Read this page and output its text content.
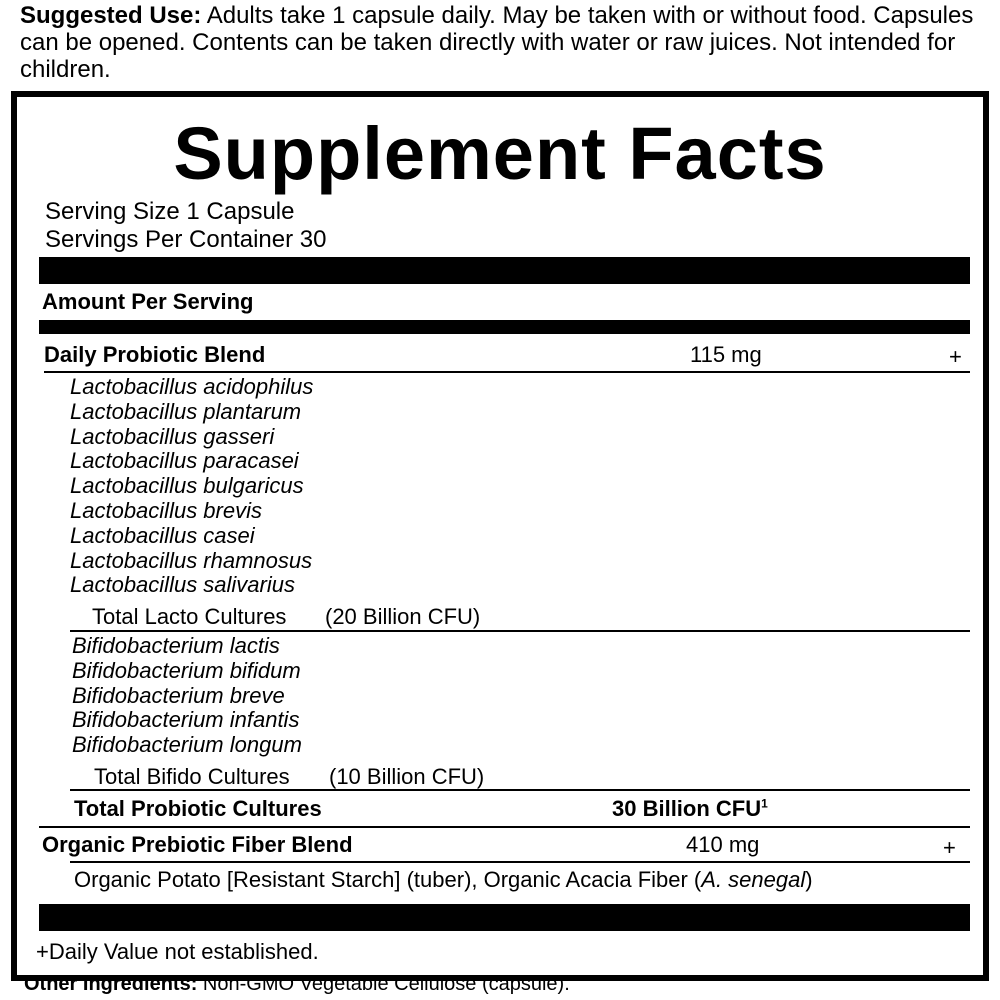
Suggested Use: Adults take 1 capsule daily. May be taken with or without food. Capsules can be opened. Contents can be taken directly with water or raw juices. Not intended for children.
Supplement Facts
Serving Size 1 Capsule
Servings Per Container 30
Amount Per Serving
Daily Probiotic Blend	115 mg	+
Lactobacillus acidophilus
Lactobacillus plantarum
Lactobacillus gasseri
Lactobacillus paracasei
Lactobacillus bulgaricus
Lactobacillus brevis
Lactobacillus casei
Lactobacillus rhamnosus
Lactobacillus salivarius
Total Lacto Cultures (20 Billion CFU)
Bifidobacterium lactis
Bifidobacterium bifidum
Bifidobacterium breve
Bifidobacterium infantis
Bifidobacterium longum
Total Bifido Cultures (10 Billion CFU)
Total Probiotic Cultures	30 Billion CFU$^1$
Organic Prebiotic Fiber Blend	410 mg	+
Organic Potato [Resistant Starch] (tuber), Organic Acacia Fiber (A. senegal)
+Daily Value not established.
Other Ingredients: Non-GMO Vegetable Cellulose (capsule).
